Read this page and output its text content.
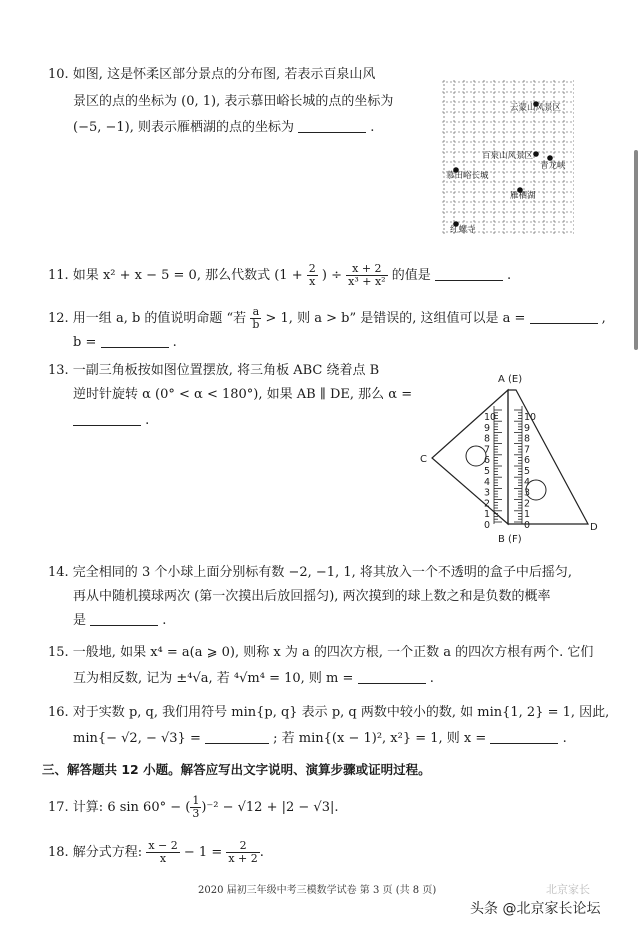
10. 如图, 这是怀柔区部分景点的分布图, 若表示百泉山风
景区的点的坐标为 (0, 1), 表示慕田峪长城的点的坐标为
(−5, −1), 则表示雁栖湖的点的坐标为	.
云蒙山风景区
百泉山风景区
慕田峪长城
红螺寺
雁栖湖
青龙峡
11. 如果 x² + x − 5 = 0, 那么代数式 ($1 + \frac{2}{x}$ ) ÷ $\frac{x + 2}{\text{x³ + x²}}$ 的值是	.
12. 用一组 a, b 的值说明命题 “若 $\frac{a}{b} > 1$, 则 a > b” 是错误的, 这组值可以是 a =	,
b =	.
13. 一副三角板按如图位置摆放, 将三角板 ABC 绕着点 B
逆时针旋转 α (0° < α < 180°), 如果 AB ∥ DE, 那么 α =
.
A (E)
C
D
B (F)
10
9
8
7
6
5
4
3
2
1
0
10
9
8
7
6
5
4
3
2
1
0
14. 完全相同的 3 个小球上面分别标有数 −2, −1, 1, 将其放入一个不透明的盒子中后摇匀,
再从中随机摸球两次 (第一次摸出后放回摇匀), 两次摸到的球上数之和是负数的概率
是	.
15. 一般地, 如果 x⁴ = a(a ⩾ 0), 则称 x 为 a 的四次方根, 一个正数 a 的四次方根有两个. 它们
互为相反数, 记为 ±⁴√a, 若 ⁴√m⁴ = 10, 则 m =	.
16. 对于实数 p, q, 我们用符号 min{p, q} 表示 p, q 两数中较小的数, 如 min{1, 2} = 1, 因此,
min{− √2, − √3} =	; 若 min{(x − 1)², x²} = 1, 则 x =	.
三、解答题共 12 小题。解答应写出文字说明、演算步骤或证明过程。
17. 计算: 6 sin 60° − ( $\frac{1}{3} )^{-2} - √12 + |2 - √3|$.
18. 解分式方程: $\frac{x - 2}{x} - 1 = \frac{2}{x + 2}$ .
2020 届初三年级中考三模数学试卷 第 3 页 (共 8 页)	北京家长
头条 @北京家长论坛
